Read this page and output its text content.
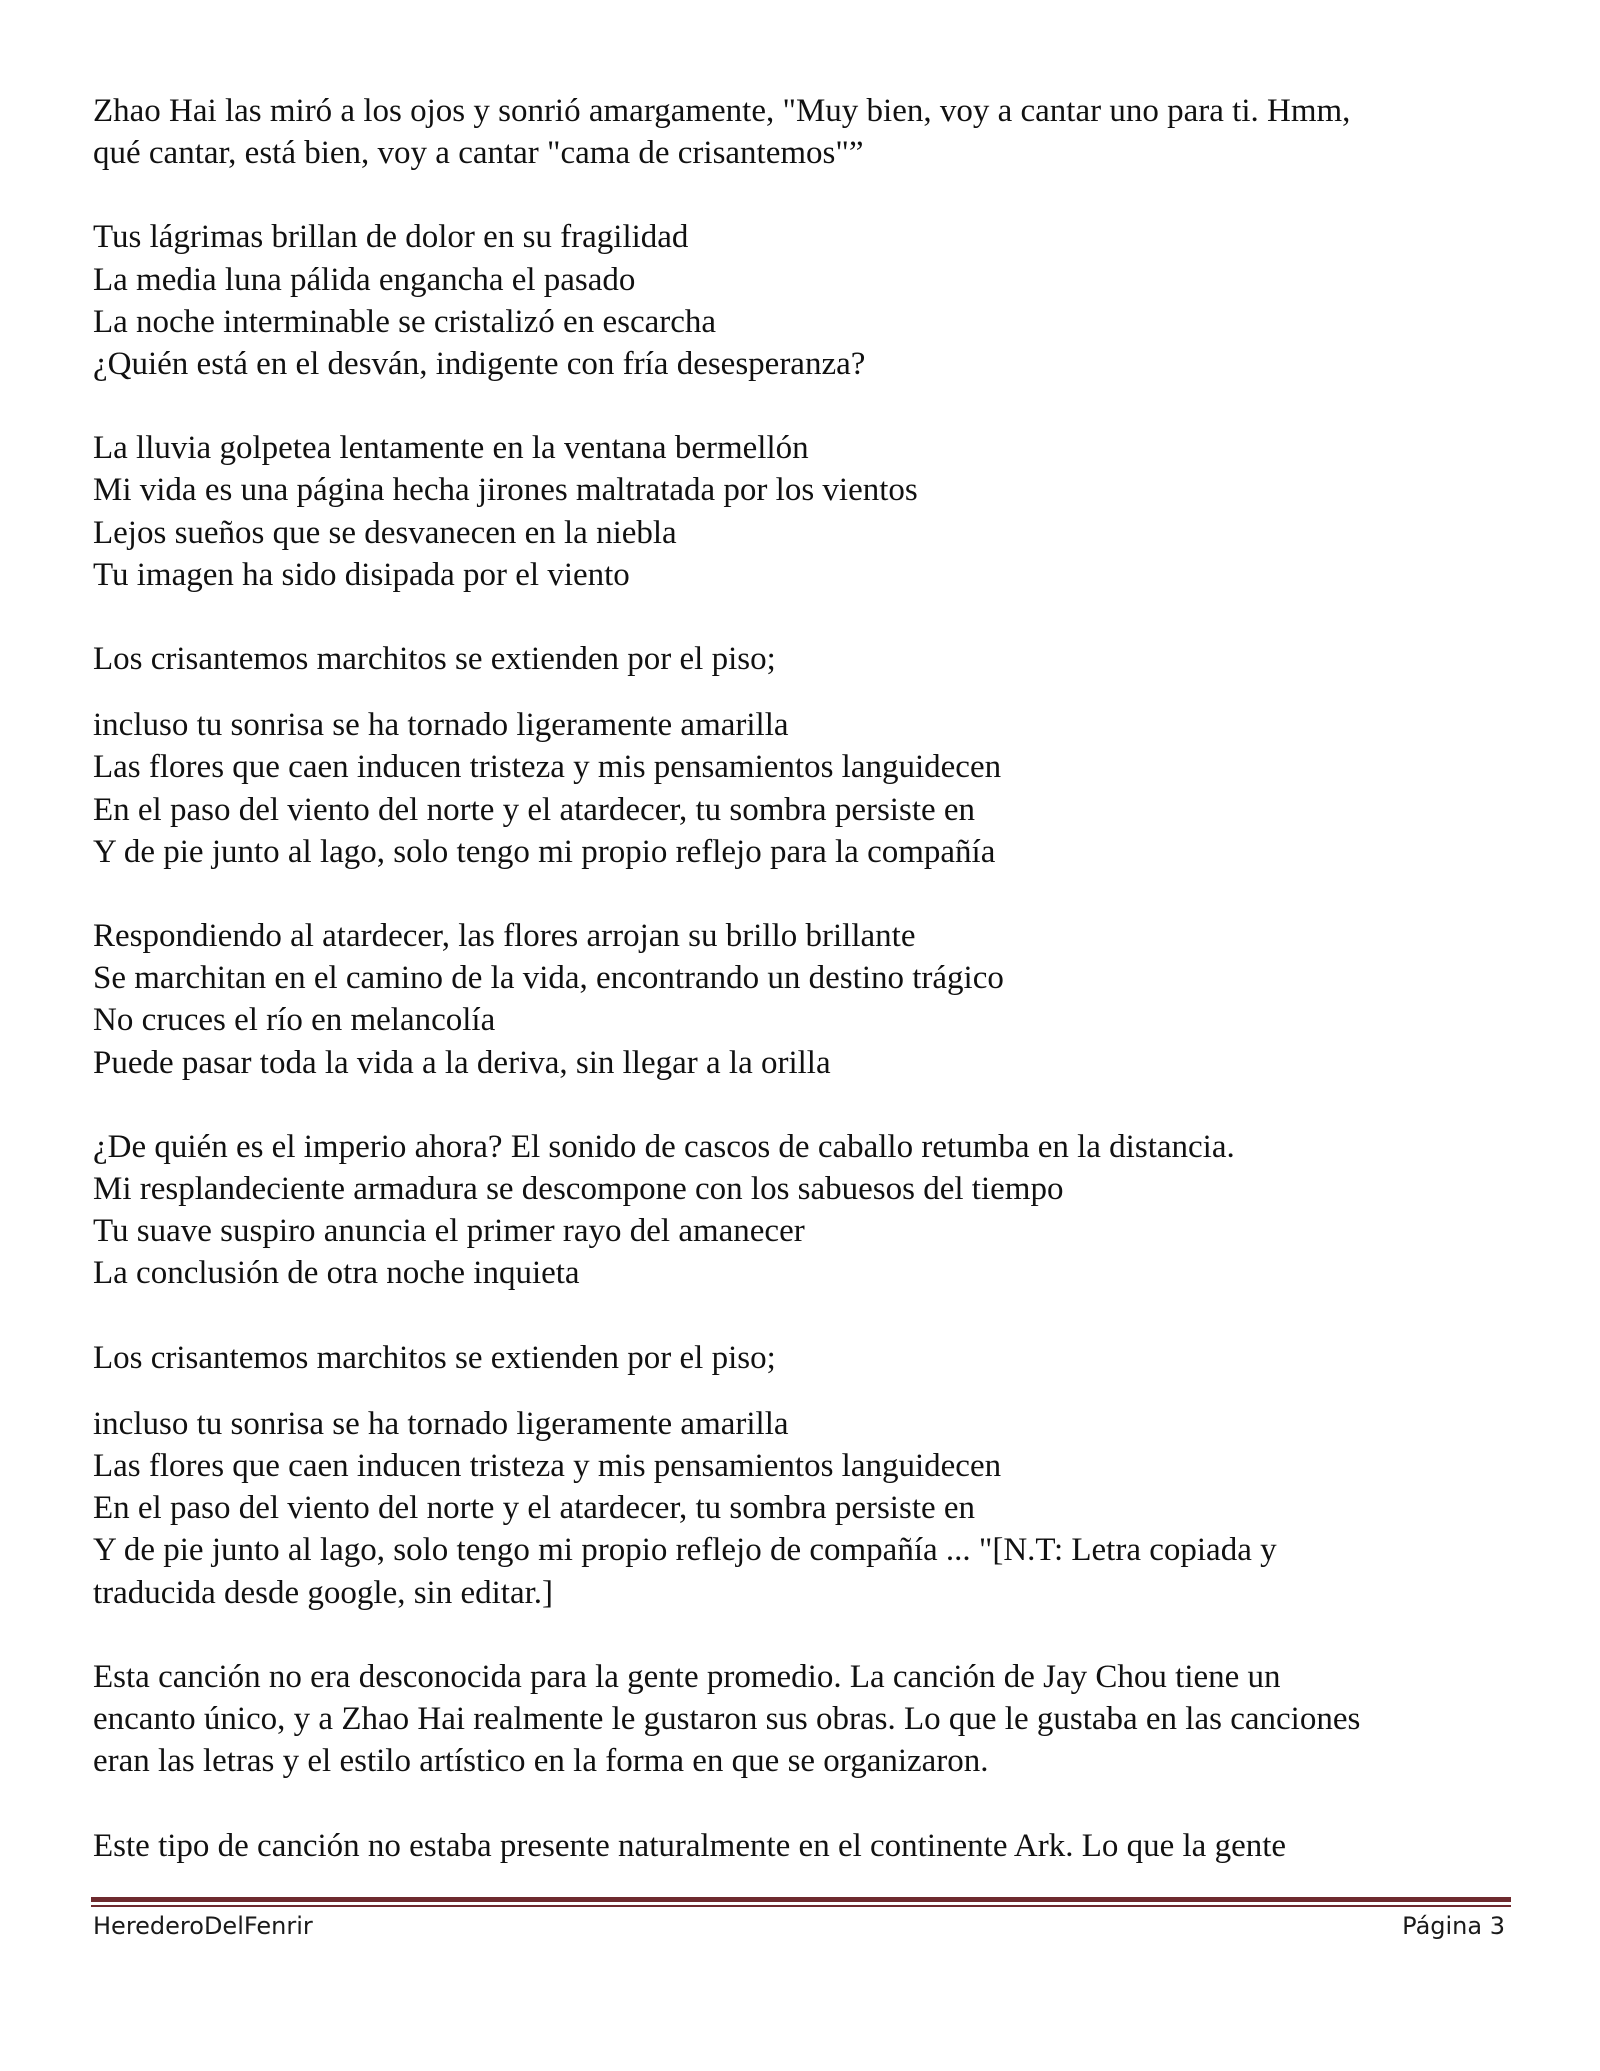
Zhao Hai las miró a los ojos y sonrió amargamente, "Muy bien, voy a cantar uno para ti. Hmm,
qué cantar, está bien, voy a cantar "cama de crisantemos"”

Tus lágrimas brillan de dolor en su fragilidad
La media luna pálida engancha el pasado
La noche interminable se cristalizó en escarcha
¿Quién está en el desván, indigente con fría desesperanza?

La lluvia golpetea lentamente en la ventana bermellón
Mi vida es una página hecha jirones maltratada por los vientos
Lejos sueños que se desvanecen en la niebla
Tu imagen ha sido disipada por el viento

Los crisantemos marchitos se extienden por el piso;

incluso tu sonrisa se ha tornado ligeramente amarilla
Las flores que caen inducen tristeza y mis pensamientos languidecen
En el paso del viento del norte y el atardecer, tu sombra persiste en
Y de pie junto al lago, solo tengo mi propio reflejo para la compañía

Respondiendo al atardecer, las flores arrojan su brillo brillante
Se marchitan en el camino de la vida, encontrando un destino trágico
No cruces el río en melancolía
Puede pasar toda la vida a la deriva, sin llegar a la orilla

¿De quién es el imperio ahora? El sonido de cascos de caballo retumba en la distancia.
Mi resplandeciente armadura se descompone con los sabuesos del tiempo
Tu suave suspiro anuncia el primer rayo del amanecer
La conclusión de otra noche inquieta

Los crisantemos marchitos se extienden por el piso;

incluso tu sonrisa se ha tornado ligeramente amarilla
Las flores que caen inducen tristeza y mis pensamientos languidecen
En el paso del viento del norte y el atardecer, tu sombra persiste en
Y de pie junto al lago, solo tengo mi propio reflejo de compañía ... "[N.T: Letra copiada y
traducida desde google, sin editar.]

Esta canción no era desconocida para la gente promedio. La canción de Jay Chou tiene un
encanto único, y a Zhao Hai realmente le gustaron sus obras. Lo que le gustaba en las canciones
eran las letras y el estilo artístico en la forma en que se organizaron.

Este tipo de canción no estaba presente naturalmente en el continente Ark. Lo que la gente

HerederoDelFenrir	Página 3
